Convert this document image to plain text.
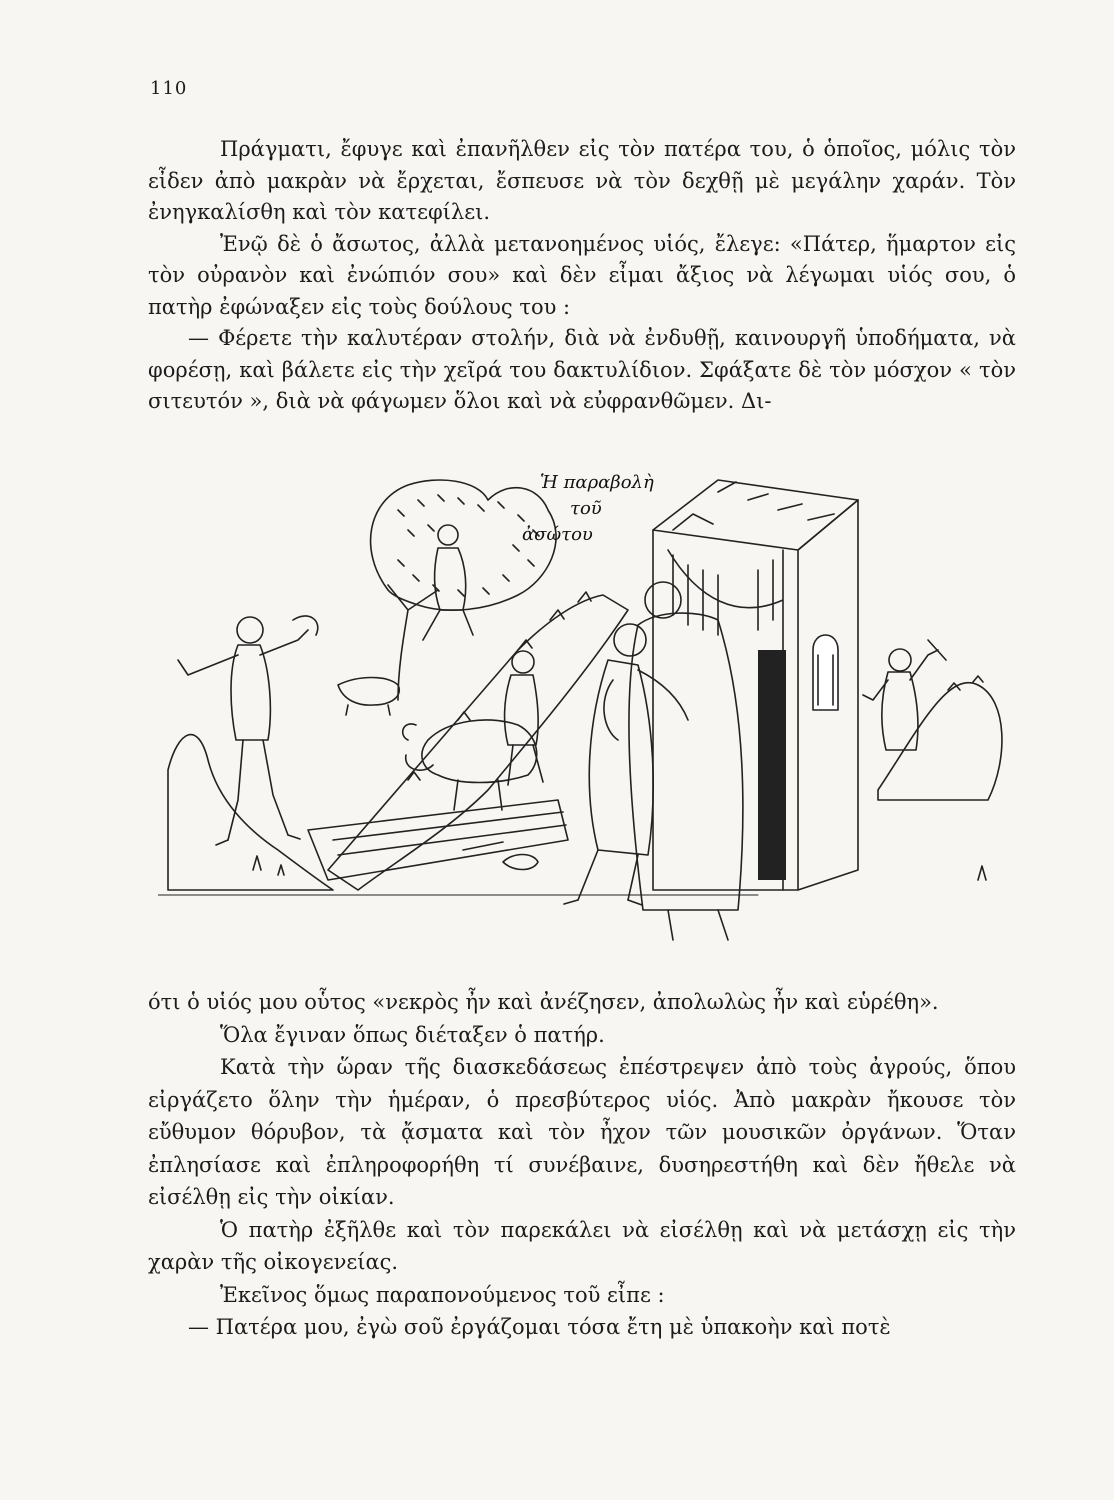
110

Πράγματι, ἔφυγε καὶ ἐπανῆλθεν εἰς τὸν πατέρα του, ὁ ὁποῖος, μόλις τὸν εἶδεν ἀπὸ μακρὰν νὰ ἔρχεται, ἔσπευσε νὰ τὸν δεχθῇ μὲ μεγάλην χαράν. Τὸν ἐνηγκαλίσθη καὶ τὸν κατεφίλει.

Ἐνῷ δὲ ὁ ἄσωτος, ἀλλὰ μετανοημένος υἱός, ἔλεγε: «Πάτερ, ἥμαρτον εἰς τὸν οὐρανὸν καὶ ἐνώπιόν σου» καὶ δὲν εἶμαι ἄξιος νὰ λέγωμαι υἱός σου, ὁ πατὴρ ἐφώναξεν εἰς τοὺς δούλους του :

— Φέρετε τὴν καλυτέραν στολήν, διὰ νὰ ἐνδυθῇ, καινουργῆ ὑποδήματα, νὰ φορέσῃ, καὶ βάλετε εἰς τὴν χεῖρά του δακτυλίδιον. Σφάξατε δὲ τὸν μόσχον « τὸν σιτευτόν », διὰ νὰ φάγωμεν ὅλοι καὶ νὰ εὐφρανθῶμεν. Δι-

Ἡ παραβολὴ
τοῦ
ἀσώτου

ότι ὁ υἱός μου οὗτος «νεκρὸς ἦν καὶ ἀνέζησεν, ἀπολωλὼς ἦν καὶ εὑρέθη».

Ὅλα ἔγιναν ὅπως διέταξεν ὁ πατήρ.

Κατὰ τὴν ὥραν τῆς διασκεδάσεως ἐπέστρεψεν ἀπὸ τοὺς ἀγρούς, ὅπου εἰργάζετο ὅλην τὴν ἡμέραν, ὁ πρεσβύτερος υἱός. Ἀπὸ μακρὰν ἤκουσε τὸν εὔθυμον θόρυβον, τὰ ᾄσματα καὶ τὸν ἦχον τῶν μουσικῶν ὀργάνων. Ὅταν ἐπλησίασε καὶ ἐπληροφορήθη τί συνέβαινε, δυσηρεστήθη καὶ δὲν ἤθελε νὰ εἰσέλθῃ εἰς τὴν οἰκίαν.

Ὁ πατὴρ ἐξῆλθε καὶ τὸν παρεκάλει νὰ εἰσέλθῃ καὶ νὰ μετάσχῃ εἰς τὴν χαρὰν τῆς οἰκογενείας.

Ἐκεῖνος ὅμως παραπονούμενος τοῦ εἶπε :

— Πατέρα μου, ἐγὼ σοῦ ἐργάζομαι τόσα ἔτη μὲ ὑπακοὴν καὶ ποτὲ
